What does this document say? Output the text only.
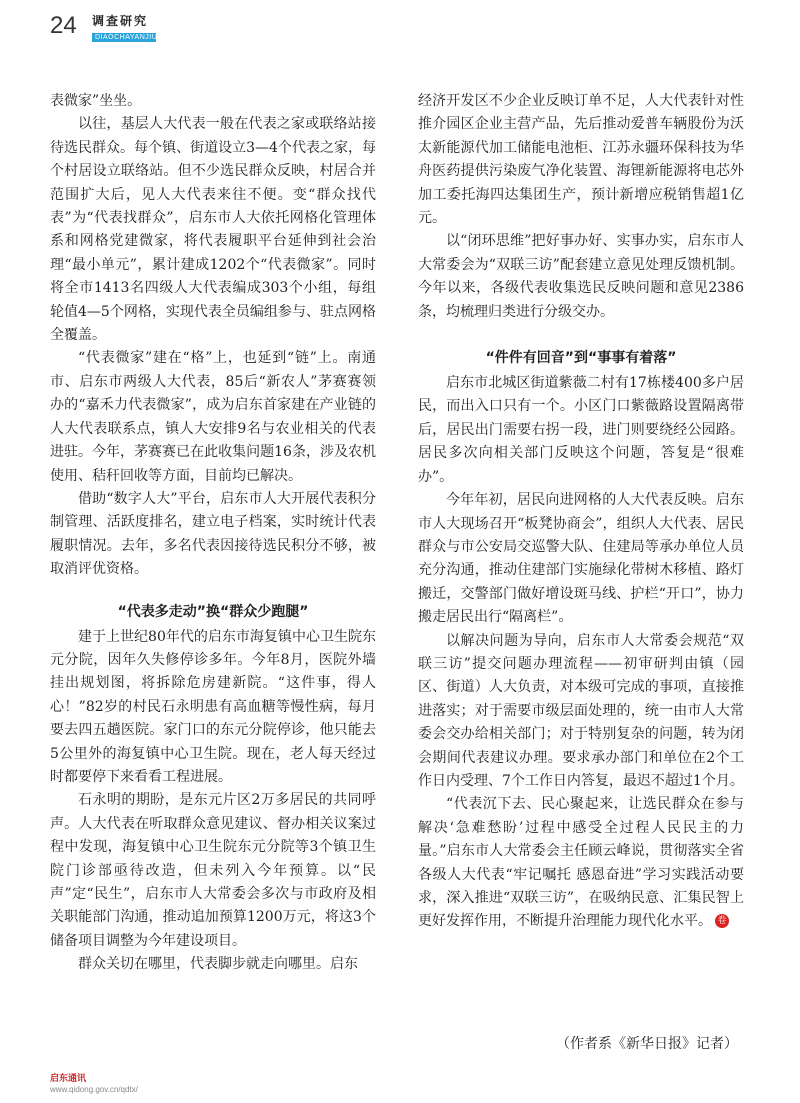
24 调查研究
DIAOCHAYANJIU

表微家”坐坐。

以往，基层人大代表一般在代表之家或联络站接待选民群众。每个镇、街道设立3—4个代表之家，每个村居设立联络站。但不少选民群众反映，村居合并范围扩大后，见人大代表来往不便。变“群众找代表”为“代表找群众”，启东市人大依托网格化管理体系和网格党建微家，将代表履职平台延伸到社会治理“最小单元”，累计建成1202个“代表微家”。同时将全市1413名四级人大代表编成303个小组，每组轮值4—5个网格，实现代表全员编组参与、驻点网格全覆盖。

“代表微家”建在“格”上，也延到“链”上。南通市、启东市两级人大代表，85后“新农人”茅赛赛领办的“嘉禾力代表微家”，成为启东首家建在产业链的人大代表联系点，镇人大安排9名与农业相关的代表进驻。今年，茅赛赛已在此收集问题16条，涉及农机使用、秸秆回收等方面，目前均已解决。

借助“数字人大”平台，启东市人大开展代表积分制管理、活跃度排名，建立电子档案，实时统计代表履职情况。去年，多名代表因接待选民积分不够，被取消评优资格。

“代表多走动”换“群众少跑腿”

建于上世纪80年代的启东市海复镇中心卫生院东元分院，因年久失修停诊多年。今年8月，医院外墙挂出规划图，将拆除危房建新院。“这件事，得人心！”82岁的村民石永明患有高血糖等慢性病，每月要去四五趟医院。家门口的东元分院停诊，他只能去5公里外的海复镇中心卫生院。现在，老人每天经过时都要停下来看看工程进展。

石永明的期盼，是东元片区2万多居民的共同呼声。人大代表在听取群众意见建议、督办相关议案过程中发现，海复镇中心卫生院东元分院等3个镇卫生院门诊部亟待改造，但未列入今年预算。以“民声”定“民生”，启东市人大常委会多次与市政府及相关职能部门沟通，推动追加预算1200万元，将这3个储备项目调整为今年建设项目。

群众关切在哪里，代表脚步就走向哪里。启东

经济开发区不少企业反映订单不足，人大代表针对性推介园区企业主营产品，先后推动爱普车辆股份为沃太新能源代加工储能电池柜、江苏永疆环保科技为华舟医药提供污染废气净化装置、海锂新能源将电芯外加工委托海四达集团生产，预计新增应税销售超1亿元。

以“闭环思维”把好事办好、实事办实，启东市人大常委会为“双联三访”配套建立意见处理反馈机制。今年以来，各级代表收集选民反映问题和意见2386条，均梳理归类进行分级交办。

“件件有回音”到“事事有着落”

启东市北城区街道紫薇二村有17栋楼400多户居民，而出入口只有一个。小区门口紫薇路设置隔离带后，居民出门需要右拐一段，进门则要绕经公园路。居民多次向相关部门反映这个问题，答复是“很难办”。

今年年初，居民向进网格的人大代表反映。启东市人大现场召开“板凳协商会”，组织人大代表、居民群众与市公安局交巡警大队、住建局等承办单位人员充分沟通，推动住建部门实施绿化带树木移植、路灯搬迁，交警部门做好增设斑马线、护栏“开口”，协力搬走居民出行“隔离栏”。

以解决问题为导向，启东市人大常委会规范“双联三访”提交问题办理流程——初审研判由镇（园区、街道）人大负责，对本级可完成的事项，直接推进落实；对于需要市级层面处理的，统一由市人大常委会交办给相关部门；对于特别复杂的问题，转为闭会期间代表建议办理。要求承办部门和单位在2个工作日内受理、7个工作日内答复，最迟不超过1个月。

“代表沉下去、民心聚起来，让选民群众在参与解决‘急难愁盼’过程中感受全过程人民民主的力量。”启东市人大常委会主任顾云峰说，贯彻落实全省各级人大代表“牢记嘱托 感恩奋进”学习实践活动要求，深入推进“双联三访”，在吸纳民意、汇集民智上更好发挥作用，不断提升治理能力现代化水平。 卷

（作者系《新华日报》记者）
启东通讯
www.qidong.gov.cn/qdtx/
